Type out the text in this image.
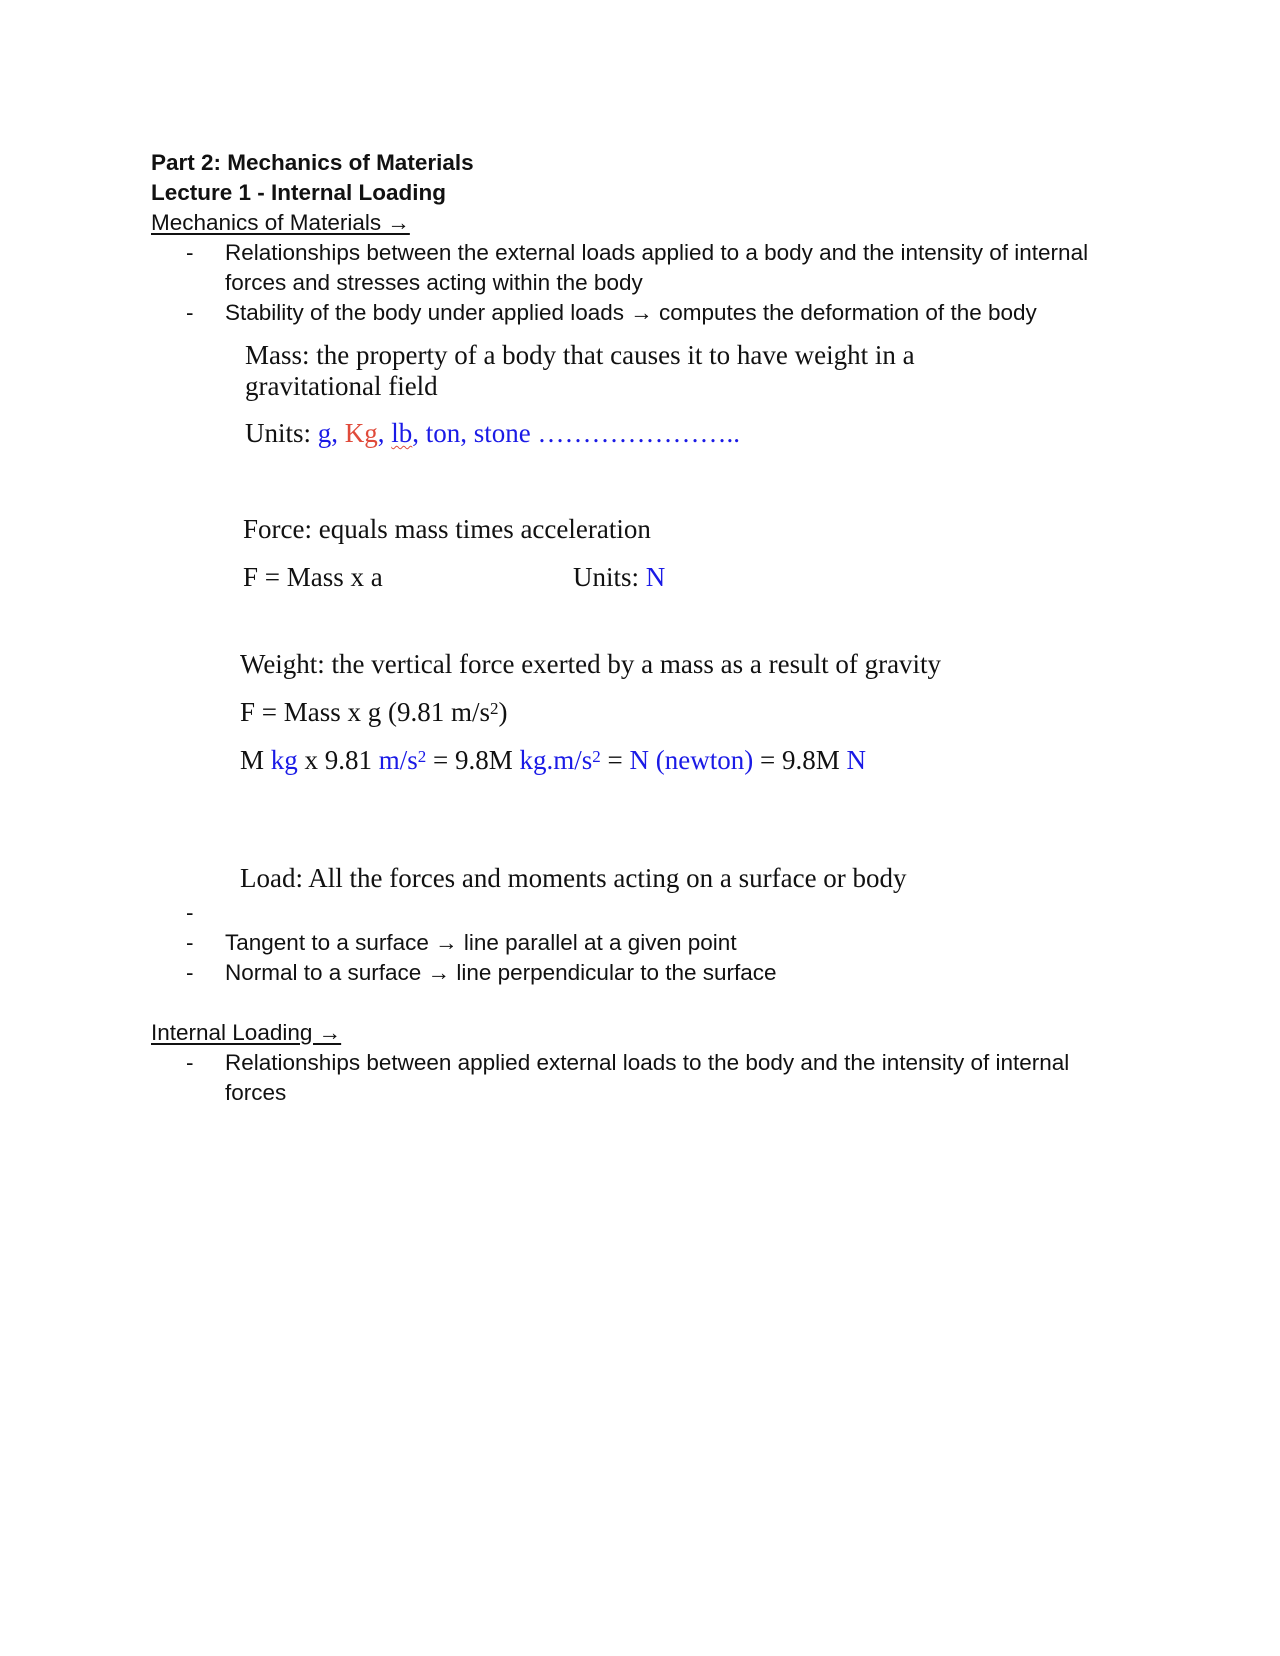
Part 2: Mechanics of Materials
Lecture 1 - Internal Loading
Mechanics of Materials →
- Relationships between the external loads applied to a body and the intensity of internal
forces and stresses acting within the body
- Stability of the body under applied loads → computes the deformation of the body
Mass: the property of a body that causes it to have weight in a
gravitational field
Units: g, Kg, lb, ton, stone …………………..
Force: equals mass times acceleration
F = Mass x a	Units: N
Weight: the vertical force exerted by a mass as a result of gravity
F = Mass x g (9.81 $m/s^2$)
M kg x 9.81 $m/s^2 = 9.8M$ $kg.m/s^2 = N$ (newton) = 9.8M N
Load: All the forces and moments acting on a surface or body
-
- Tangent to a surface → line parallel at a given point
- Normal to a surface → line perpendicular to the surface
Internal Loading →
- Relationships between applied external loads to the body and the intensity of internal
forces
